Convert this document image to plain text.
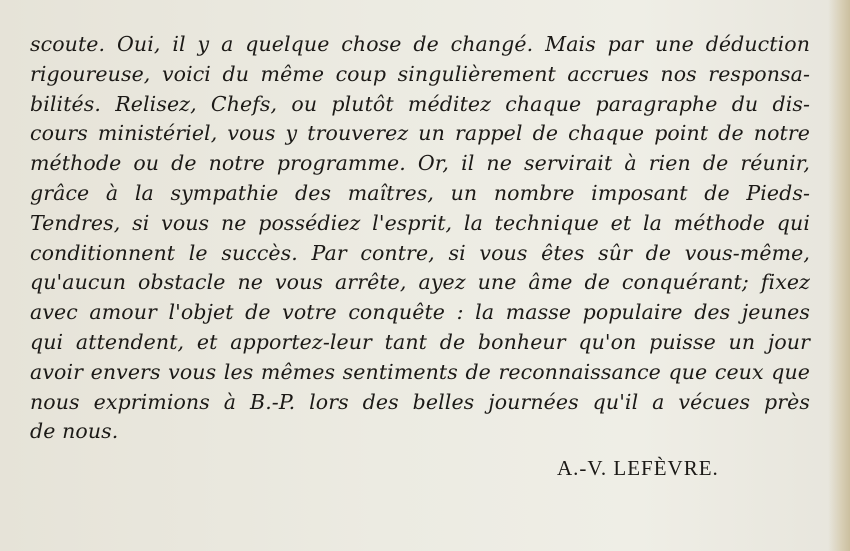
scoute. Oui, il y a quelque chose de changé. Mais par une déduction
rigoureuse, voici du même coup singulièrement accrues nos responsa-
bilités. Relisez, Chefs, ou plutôt méditez chaque paragraphe du dis-
cours ministériel, vous y trouverez un rappel de chaque point de notre
méthode ou de notre programme. Or, il ne servirait à rien de réunir,
grâce à la sympathie des maîtres, un nombre imposant de Pieds-
Tendres, si vous ne possédiez l'esprit, la technique et la méthode qui
conditionnent le succès. Par contre, si vous êtes sûr de vous-même,
qu'aucun obstacle ne vous arrête, ayez une âme de conquérant; fixez
avec amour l'objet de votre conquête : la masse populaire des jeunes
qui attendent, et apportez-leur tant de bonheur qu'on puisse un jour
avoir envers vous les mêmes sentiments de reconnaissance que ceux que
nous exprimions à B.-P. lors des belles journées qu'il a vécues près
de nous.
A.-V. LEFÈVRE.
